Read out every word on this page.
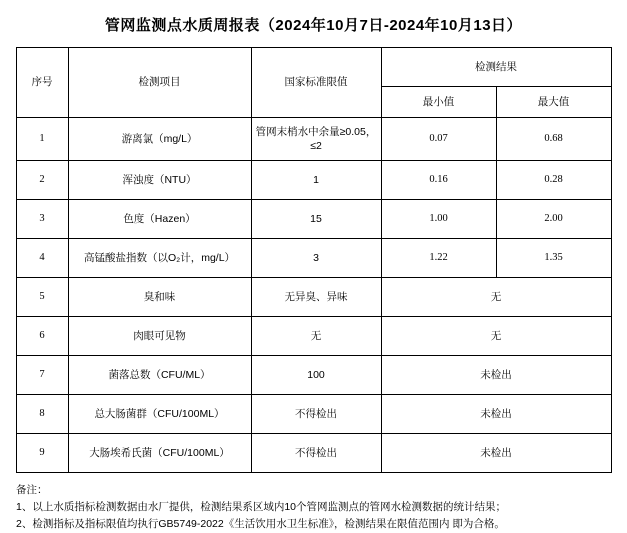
管网监测点水质周报表（2024年10月7日-2024年10月13日）
序号	检测项目	国家标准限值	检测结果	
			最小值	最大值
1	游离氯（mg/L）	管网末梢水中余量≥0.05，≤2	0.07	0.68
2	浑浊度（NTU）	1	0.16	0.28
3	色度（Hazen）	15	1.00	2.00
4	高锰酸盐指数（以O₂计，mg/L）	3	1.22	1.35
5	臭和味	无异臭、异味	无	
6	肉眼可见物	无	无	
7	菌落总数（CFU/ML）	100	未检出	
8	总大肠菌群（CFU/100ML）	不得检出	未检出	
9	大肠埃希氏菌（CFU/100ML）	不得检出	未检出	
备注：
1、以上水质指标检测数据由水厂提供，检测结果系区域内10个管网监测点的管网水检测数据的统计结果；
2、检测指标及指标限值均执行GB5749-2022《生活饮用水卫生标准》，检测结果在限值范围内 即为合格。
